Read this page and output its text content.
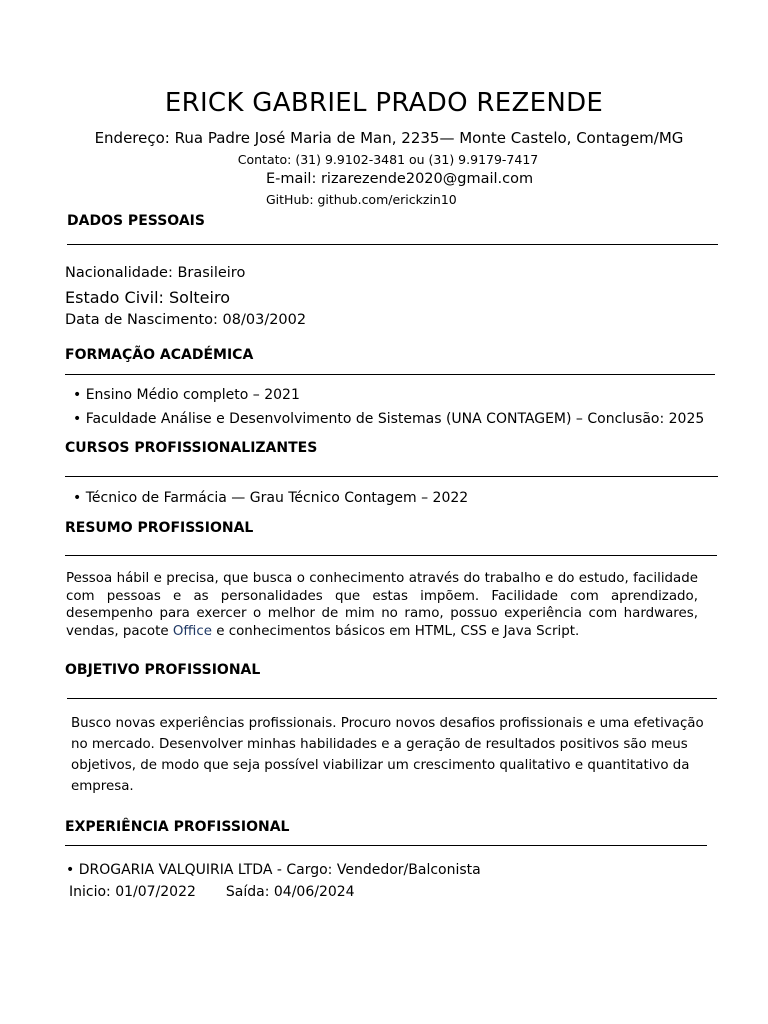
ERICK GABRIEL PRADO REZENDE
Endereço: Rua Padre José Maria de Man, 2235— Monte Castelo, Contagem/MG
Contato: (31) 9.9102-3481 ou (31) 9.9179-7417
E-mail: rizarezende2020@gmail.com
GitHub: github.com/erickzin10
DADOS PESSOAIS
Nacionalidade: Brasileiro
Estado Civil: Solteiro
Data de Nascimento: 08/03/2002
FORMAÇÃO ACADÉMICA
• Ensino Médio completo – 2021
• Faculdade Análise e Desenvolvimento de Sistemas (UNA CONTAGEM) – Conclusão: 2025
CURSOS PROFISSIONALIZANTES
• Técnico de Farmácia — Grau Técnico Contagem – 2022
RESUMO PROFISSIONAL
Pessoa hábil e precisa, que busca o conhecimento através do trabalho e do estudo, facilidade com pessoas e as personalidades que estas impõem. Facilidade com aprendizado, desempenho para exercer o melhor de mim no ramo, possuo experiência com hardwares, vendas, pacote Office e conhecimentos básicos em HTML, CSS e Java Script.
OBJETIVO PROFISSIONAL
Busco novas experiências profissionais. Procuro novos desafios profissionais e uma efetivação no mercado. Desenvolver minhas habilidades e a geração de resultados positivos são meus objetivos, de modo que seja possível viabilizar um crescimento qualitativo e quantitativo da empresa.
EXPERIÊNCIA PROFISSIONAL
• DROGARIA VALQUIRIA LTDA - Cargo: Vendedor/Balconista
Inicio: 01/07/2022 Saída: 04/06/2024
